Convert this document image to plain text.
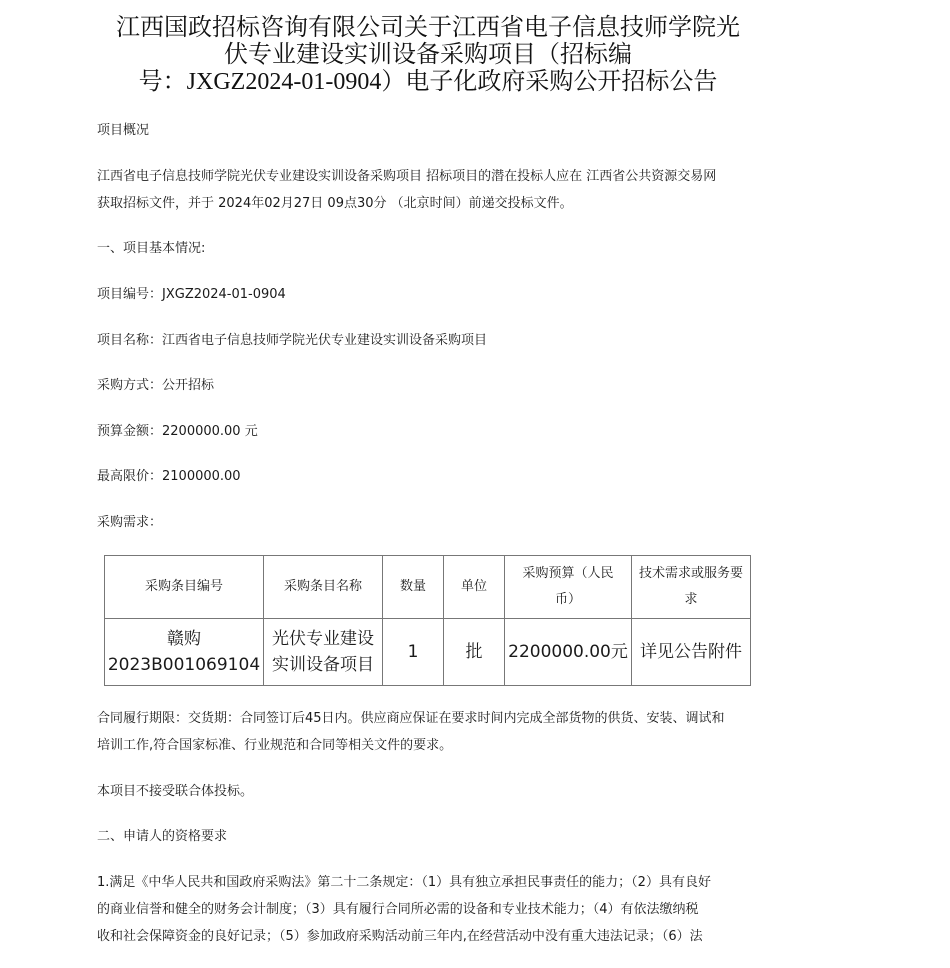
江西国政招标咨询有限公司关于江西省电子信息技师学院光
伏专业建设实训设备采购项目（招标编
号：JXGZ2024-01-0904）电子化政府采购公开招标公告

项目概况

江西省电子信息技师学院光伏专业建设实训设备采购项目 招标项目的潜在投标人应在 江西省公共资源交易网

获取招标文件，并于 2024年02月27日 09点30分 （北京时间）前递交投标文件。

一、项目基本情况:

项目编号：JXGZ2024-01-0904

项目名称：江西省电子信息技师学院光伏专业建设实训设备采购项目

采购方式：公开招标

预算金额：2200000.00 元

最高限价：2100000.00

采购需求：

采购条目编号	采购条目名称	数量	单位	采购预算（人民
币）	技术需求或服务要
求
赣购
2023B001069104	光伏专业建设
实训设备项目	1	批	2200000.00元	详见公告附件

合同履行期限：交货期：合同签订后45日内。供应商应保证在要求时间内完成全部货物的供货、安装、调试和

培训工作,符合国家标准、行业规范和合同等相关文件的要求。

本项目不接受联合体投标。

二、申请人的资格要求

1.满足《中华人民共和国政府采购法》第二十二条规定：（1）具有独立承担民事责任的能力；（2）具有良好

的商业信誉和健全的财务会计制度；（3）具有履行合同所必需的设备和专业技术能力；（4）有依法缴纳税

收和社会保障资金的良好记录；（5）参加政府采购活动前三年内,在经营活动中没有重大违法记录；（6）法
